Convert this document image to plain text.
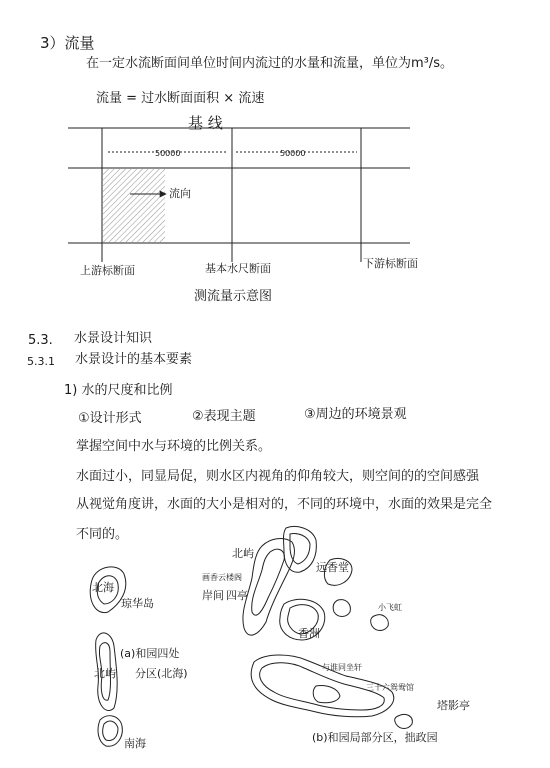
3）流量
在一定水流断面间单位时间内流过的水量和流量，单位为m³/s。
流量 = 过水断面面积 × 流速
基 线
50000	50000
流向
上游标断面	基本水尺断面	下游标断面
测流量示意图
5.3. 水景设计知识
5.3.1 水景设计的基本要素
1) 水的尺度和比例
①设计形式	②表现主题	③周边的环境景观
掌握空间中水与环境的比例关系。
水面过小，同显局促，则水区内视角的仰角较大，则空间的的空间感强
从视觉角度讲，水面的大小是相对的，不同的环境中，水面的效果是完全
不同的。
北海
琼华岛
(a)和园四处
分区(北海)
北屿
南海
北屿
画香云楼阁
岸间 四亭
远香堂
小飞虹
香洲
与谁同坐轩
三十六鸳鸯馆
塔影亭
(b)和园局部分区，拙政园
